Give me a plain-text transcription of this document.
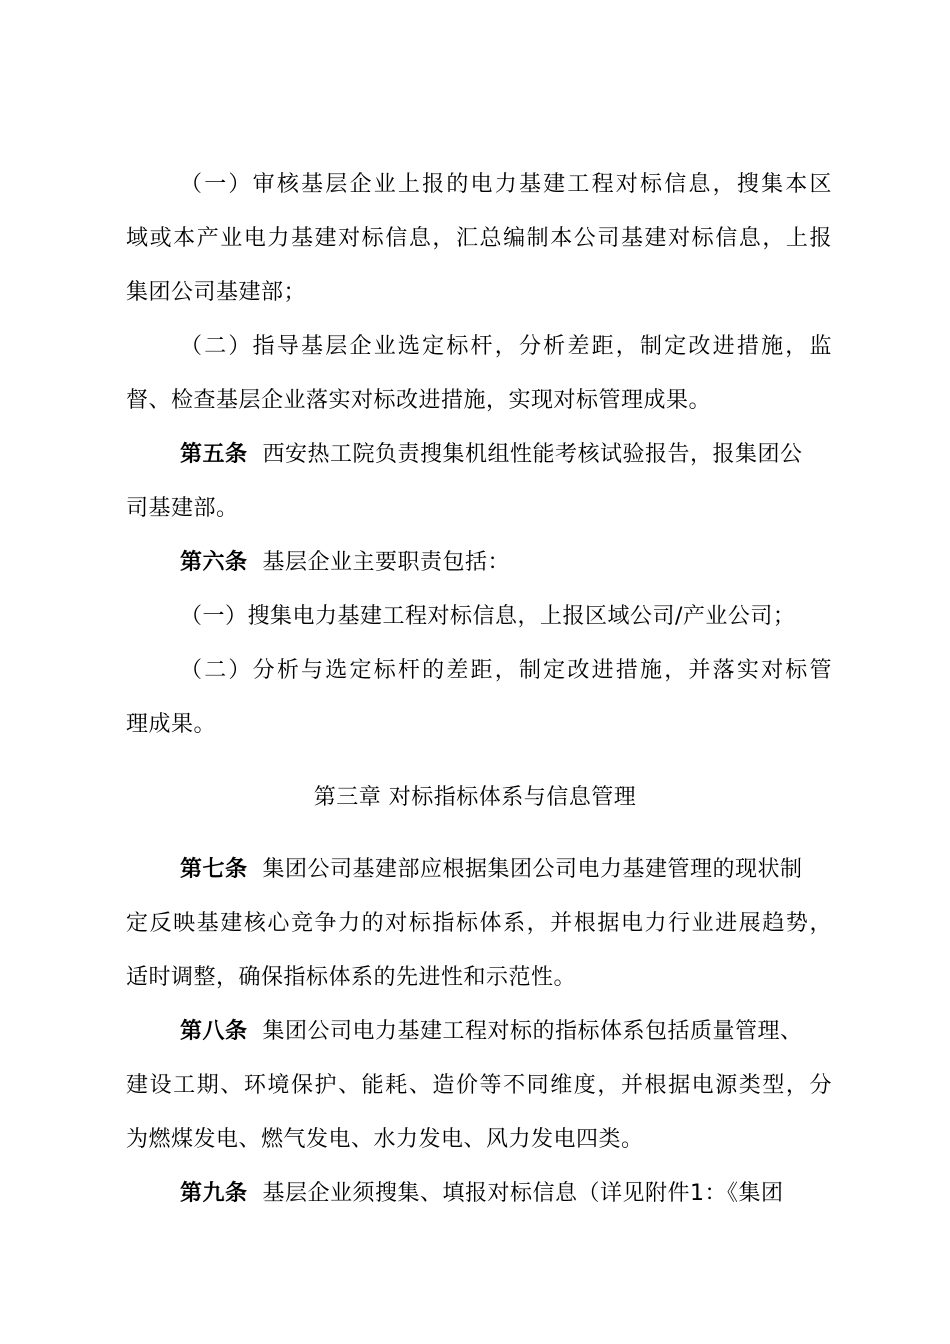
（一）审核基层企业上报的电力基建工程对标信息，搜集本区
域或本产业电力基建对标信息，汇总编制本公司基建对标信息，上报
集团公司基建部；
（二）指导基层企业选定标杆，分析差距，制定改进措施，监
督、检查基层企业落实对标改进措施，实现对标管理成果。
第五条 西安热工院负责搜集机组性能考核试验报告，报集团公
司基建部。
第六条 基层企业主要职责包括：
（一）搜集电力基建工程对标信息，上报区域公司/产业公司；
（二）分析与选定标杆的差距，制定改进措施，并落实对标管
理成果。
第三章 对标指标体系与信息管理
第七条 集团公司基建部应根据集团公司电力基建管理的现状制
定反映基建核心竞争力的对标指标体系，并根据电力行业进展趋势，
适时调整，确保指标体系的先进性和示范性。
第八条 集团公司电力基建工程对标的指标体系包括质量管理、
建设工期、环境保护、能耗、造价等不同维度，并根据电源类型，分
为燃煤发电、燃气发电、水力发电、风力发电四类。
第九条 基层企业须搜集、填报对标信息（详见附件1：《集团
